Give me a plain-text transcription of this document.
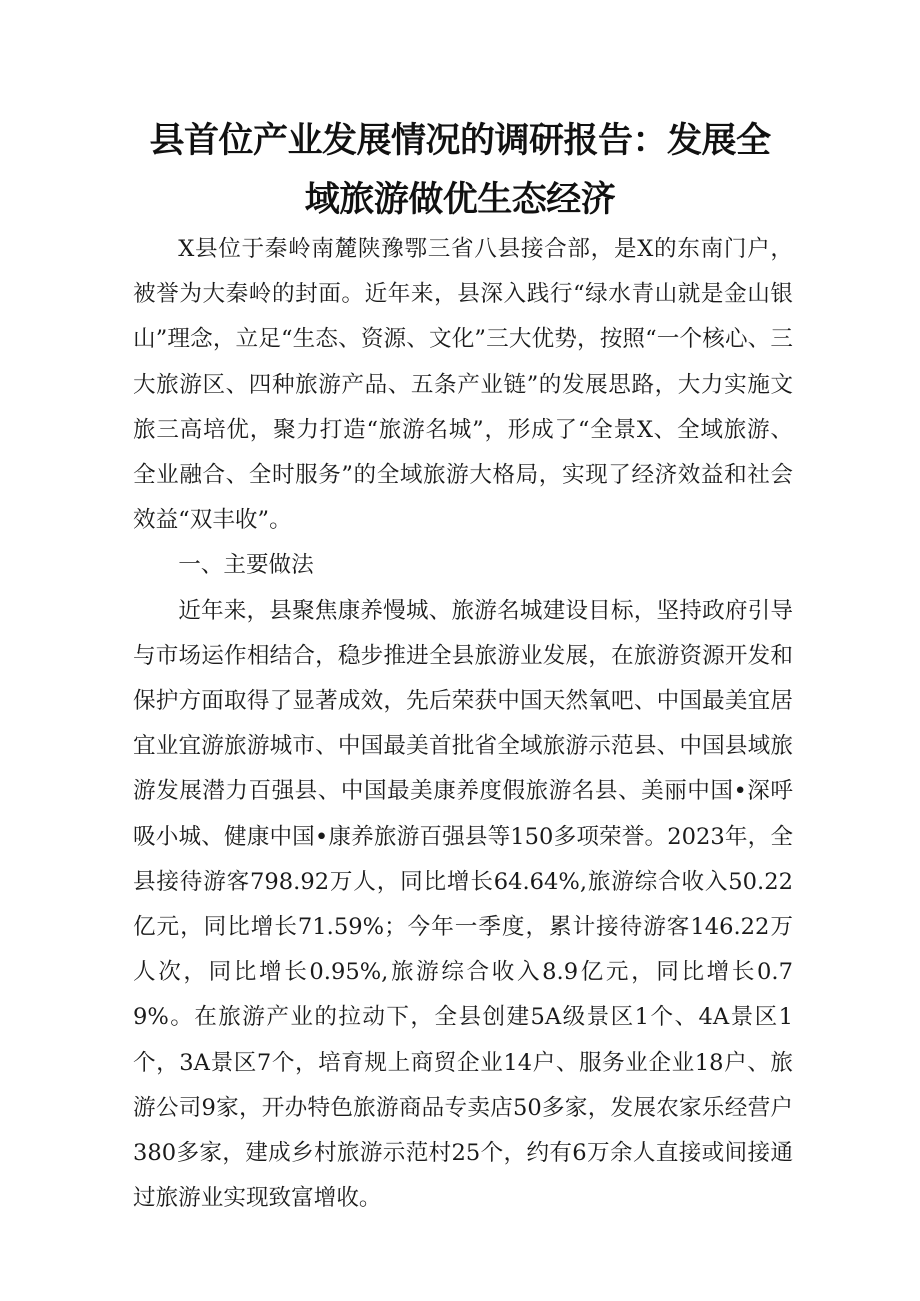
县首位产业发展情况的调研报告：发展全
域旅游做优生态经济

X县位于秦岭南麓陕豫鄂三省八县接合部，是X的东南门户，被誉为大秦岭的封面。近年来，县深入践行“绿水青山就是金山银山”理念，立足“生态、资源、文化”三大优势，按照“一个核心、三大旅游区、四种旅游产品、五条产业链”的发展思路，大力实施文旅三高培优，聚力打造“旅游名城”，形成了“全景X、全域旅游、全业融合、全时服务”的全域旅游大格局，实现了经济效益和社会效益“双丰收”。

一、主要做法

近年来，县聚焦康养慢城、旅游名城建设目标，坚持政府引导与市场运作相结合，稳步推进全县旅游业发展，在旅游资源开发和保护方面取得了显著成效，先后荣获中国天然氧吧、中国最美宜居宜业宜游旅游城市、中国最美首批省全域旅游示范县、中国县域旅游发展潜力百强县、中国最美康养度假旅游名县、美丽中国•深呼吸小城、健康中国•康养旅游百强县等150多项荣誉。2023年，全县接待游客798.92万人，同比增长64.64%,旅游综合收入50.22亿元，同比增长71.59%；今年一季度，累计接待游客146.22万人次，同比增长0.95%,旅游综合收入8.9亿元，同比增长0.79%。在旅游产业的拉动下，全县创建5A级景区1个、4A景区1个，3A景区7个，培育规上商贸企业14户、服务业企业18户、旅游公司9家，开办特色旅游商品专卖店50多家，发展农家乐经营户380多家，建成乡村旅游示范村25个，约有6万余人直接或间接通过旅游业实现致富增收。
